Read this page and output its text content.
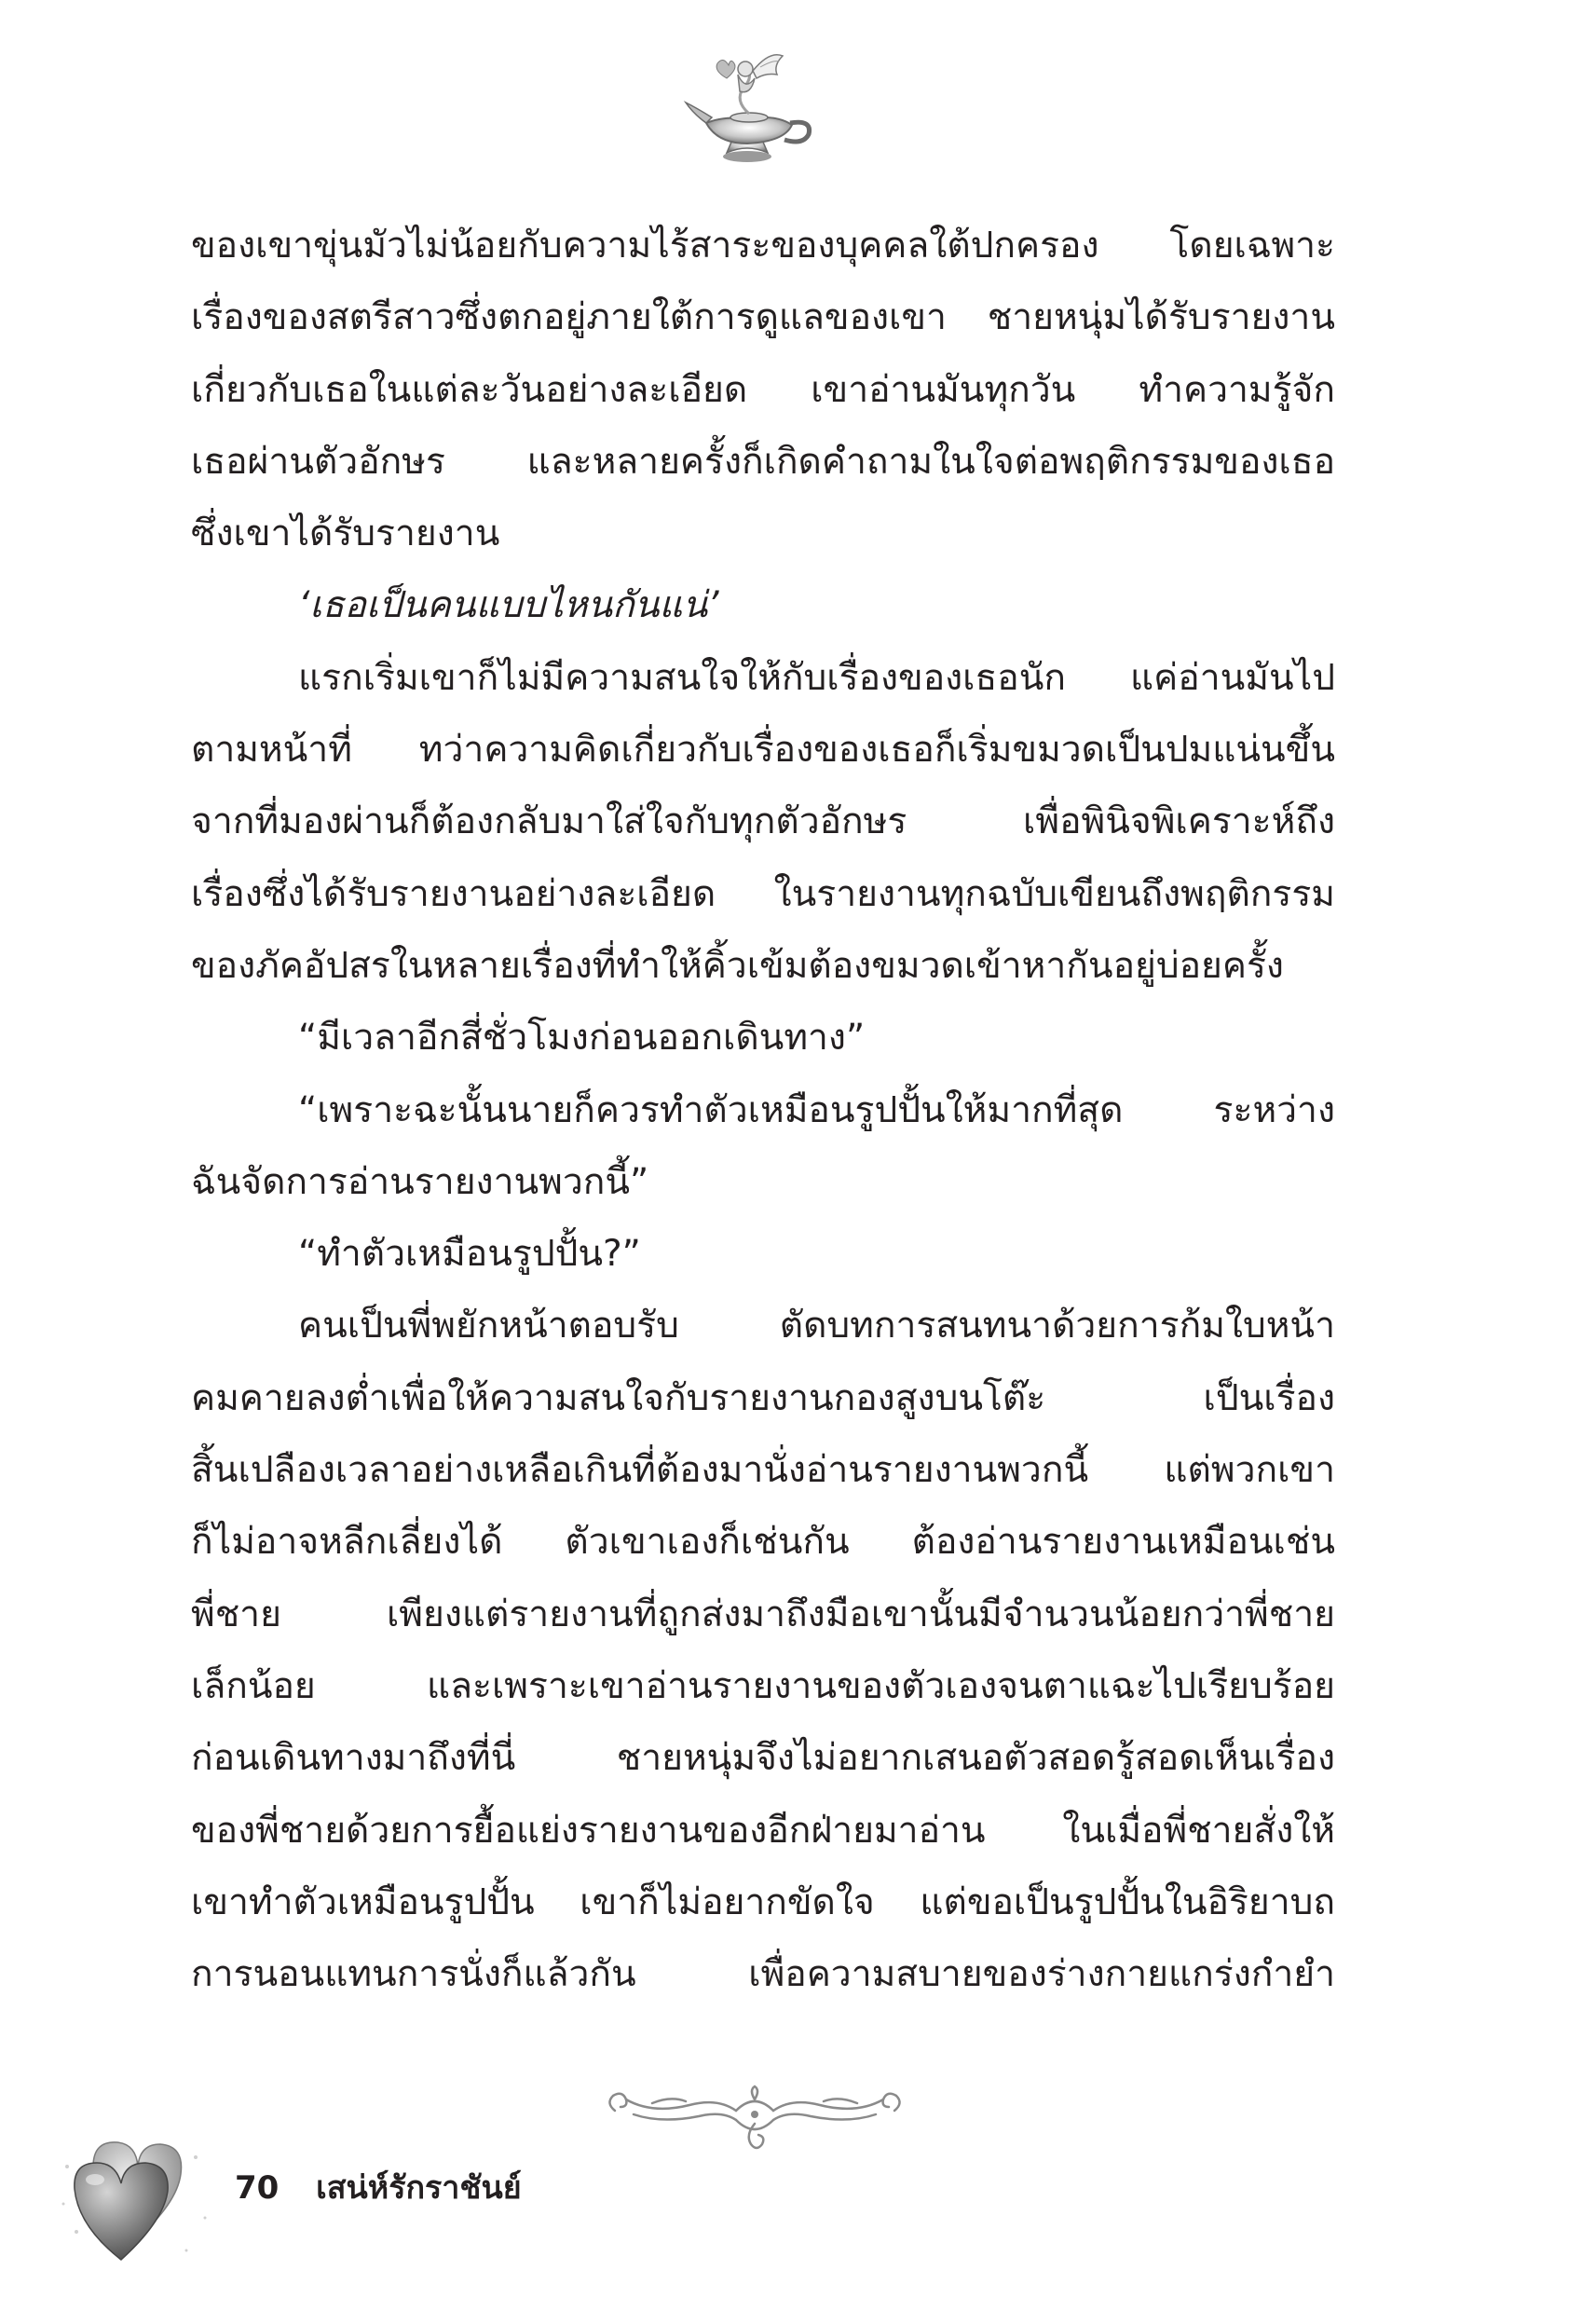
ของเขาขุ่นมัวไม่น้อยกับความไร้สาระของบุคคลใต้ปกครอง โดยเฉพาะ
เรื่องของสตรีสาวซึ่งตกอยู่ภายใต้การดูแลของเขา ชายหนุ่มได้รับรายงาน
เกี่ยวกับเธอในแต่ละวันอย่างละเอียด เขาอ่านมันทุกวัน ทำความรู้จัก
เธอผ่านตัวอักษร และหลายครั้งก็เกิดคำถามในใจต่อพฤติกรรมของเธอ
ซึ่งเขาได้รับรายงาน
‘เธอเป็นคนแบบไหนกันแน่’
แรกเริ่มเขาก็ไม่มีความสนใจให้กับเรื่องของเธอนัก แค่อ่านมันไป
ตามหน้าที่ ทว่าความคิดเกี่ยวกับเรื่องของเธอก็เริ่มขมวดเป็นปมแน่นขึ้น
จากที่มองผ่านก็ต้องกลับมาใส่ใจกับทุกตัวอักษร เพื่อพินิจพิเคราะห์ถึง
เรื่องซึ่งได้รับรายงานอย่างละเอียด ในรายงานทุกฉบับเขียนถึงพฤติกรรม
ของภัคอัปสรในหลายเรื่องที่ทำให้คิ้วเข้มต้องขมวดเข้าหากันอยู่บ่อยครั้ง
“มีเวลาอีกสี่ชั่วโมงก่อนออกเดินทาง”
“เพราะฉะนั้นนายก็ควรทำตัวเหมือนรูปปั้นให้มากที่สุด ระหว่าง
ฉันจัดการอ่านรายงานพวกนี้”
“ทำตัวเหมือนรูปปั้น?”
คนเป็นพี่พยักหน้าตอบรับ ตัดบทการสนทนาด้วยการก้มใบหน้า
คมคายลงต่ำเพื่อให้ความสนใจกับรายงานกองสูงบนโต๊ะ เป็นเรื่อง
สิ้นเปลืองเวลาอย่างเหลือเกินที่ต้องมานั่งอ่านรายงานพวกนี้ แต่พวกเขา
ก็ไม่อาจหลีกเลี่ยงได้ ตัวเขาเองก็เช่นกัน ต้องอ่านรายงานเหมือนเช่น
พี่ชาย เพียงแต่รายงานที่ถูกส่งมาถึงมือเขานั้นมีจำนวนน้อยกว่าพี่ชาย
เล็กน้อย และเพราะเขาอ่านรายงานของตัวเองจนตาแฉะไปเรียบร้อย
ก่อนเดินทางมาถึงที่นี่ ชายหนุ่มจึงไม่อยากเสนอตัวสอดรู้สอดเห็นเรื่อง
ของพี่ชายด้วยการยื้อแย่งรายงานของอีกฝ่ายมาอ่าน ในเมื่อพี่ชายสั่งให้
เขาทำตัวเหมือนรูปปั้น เขาก็ไม่อยากขัดใจ แต่ขอเป็นรูปปั้นในอิริยาบถ
การนอนแทนการนั่งก็แล้วกัน เพื่อความสบายของร่างกายแกร่งกำยำ
70 เสน่ห์รักราชันย์
